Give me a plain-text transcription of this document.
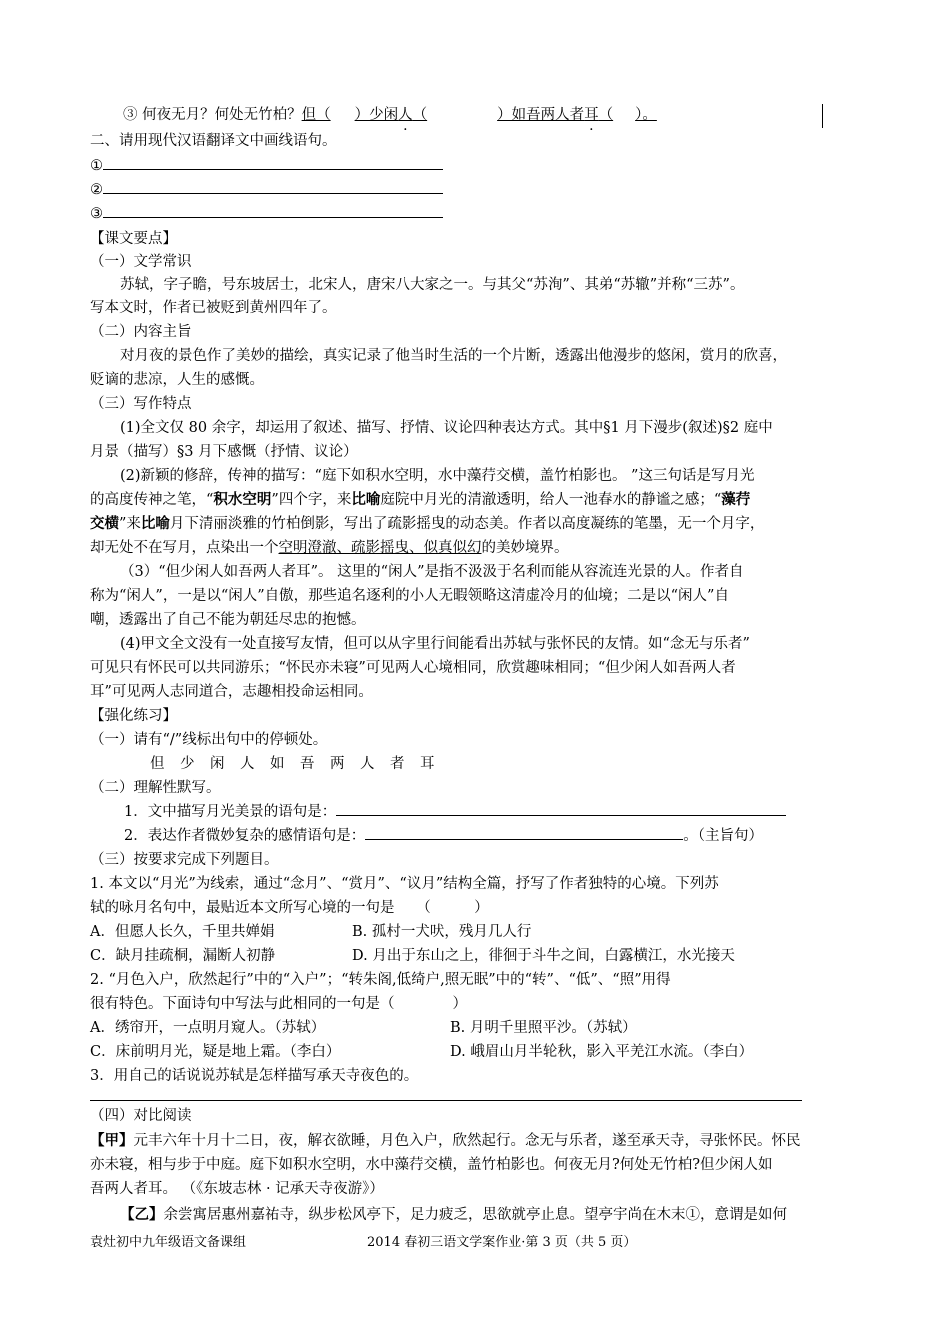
③ 何夜无月？何处无竹柏？但（ ）少闲人（	）如吾两人者耳（ ）。
二、请用现代汉语翻译文中画线语句。
①
②
③
【课文要点】
（一）文学常识
苏轼，字子瞻，号东坡居士，北宋人，唐宋八大家之一。与其父“苏洵”、其弟“苏辙”并称“三苏”。
写本文时，作者已被贬到黄州四年了。
（二）内容主旨
对月夜的景色作了美妙的描绘，真实记录了他当时生活的一个片断，透露出他漫步的悠闲，赏月的欣喜，
贬谪的悲凉，人生的感慨。
（三）写作特点
(1)全文仅 80 余字，却运用了叙述、描写、抒情、议论四种表达方式。其中§1 月下漫步(叙述)§2 庭中
月景（描写）§3 月下感慨（抒情、议论）
(2)新颖的修辞，传神的描写：“庭下如积水空明，水中藻荇交横，盖竹柏影也。 ”这三句话是写月光
的高度传神之笔，“积水空明”四个字，来比喻庭院中月光的清澈透明，给人一池春水的静谧之感；“藻荇
交横”来比喻月下清丽淡雅的竹柏倒影，写出了疏影摇曳的动态美。作者以高度凝练的笔墨，无一个月字，
却无处不在写月，点染出一个空明澄澈、疏影摇曳、似真似幻的美妙境界。
（3）“但少闲人如吾两人者耳”。 这里的“闲人”是指不汲汲于名利而能从容流连光景的人。作者自
称为“闲人”，一是以“闲人”自傲，那些追名逐利的小人无暇领略这清虚冷月的仙境；二是以“闲人”自
嘲，透露出了自己不能为朝廷尽忠的抱憾。
(4)甲文全文没有一处直接写友情，但可以从字里行间能看出苏轼与张怀民的友情。如“念无与乐者”
可见只有怀民可以共同游乐；“怀民亦未寝”可见两人心境相同，欣赏趣味相同；“但少闲人如吾两人者
耳”可见两人志同道合，志趣相投命运相同。
【强化练习】
（一）请有“/”线标出句中的停顿处。
但 少 闲 人 如 吾 两 人 者 耳
（二）理解性默写。
1．文中描写月光美景的语句是：
2．表达作者微妙复杂的感情语句是：	。（主旨句）
（三）按要求完成下列题目。
1. 本文以“月光”为线索，通过“念月”、“赏月”、“议月”结构全篇，抒写了作者独特的心境。下列苏
轼的咏月名句中，最贴近本文所写心境的一句是　　（　　　）
A．但愿人长久，千里共婵娟	B. 孤村一犬吠，残月几人行
C．缺月挂疏桐，漏断人初静	D. 月出于东山之上，徘徊于斗牛之间，白露横江，水光接天
2. “月色入户，欣然起行”中的“入户”；“转朱阁,低绮户,照无眠”中的“转”、“低”、“照”用得
很有特色。下面诗句中写法与此相同的一句是（　　　　）
A．绣帘开，一点明月窥人。（苏轼）	B. 月明千里照平沙。（苏轼）
C．床前明月光，疑是地上霜。（李白）	D. 峨眉山月半轮秋，影入平羌江水流。（李白）
3．用自己的话说说苏轼是怎样描写承天寺夜色的。
（四）对比阅读
【甲】元丰六年十月十二日，夜，解衣欲睡，月色入户，欣然起行。念无与乐者，遂至承天寺，寻张怀民。怀民
亦未寝，相与步于中庭。庭下如积水空明，水中藻荇交横，盖竹柏影也。何夜无月?何处无竹柏?但少闲人如
吾两人者耳。 （《东坡志林 · 记承天寺夜游》）
【乙】余尝寓居惠州嘉祐寺，纵步松风亭下，足力疲乏，思欲就亭止息。望亭宇尚在木末①，意谓是如何
袁灶初中九年级语文备课组	2014 春初三语文学案作业·第 3 页（共 5 页）
